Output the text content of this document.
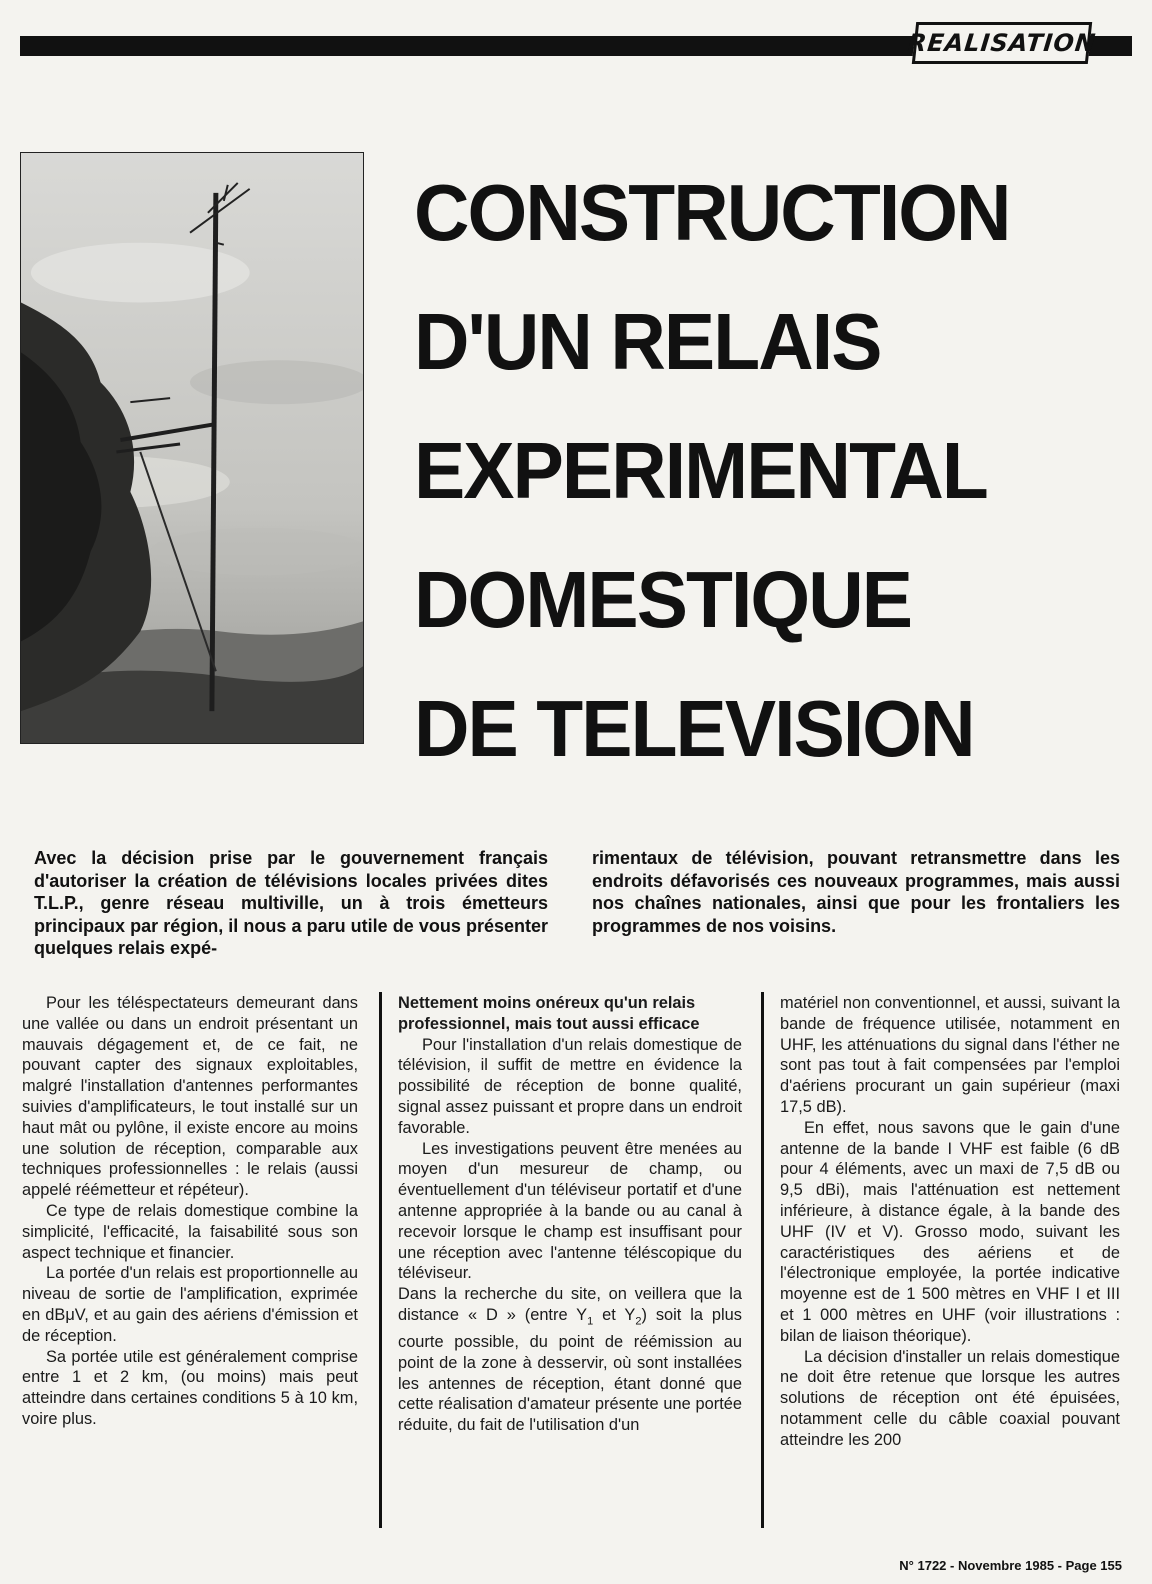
REALISATION
CONSTRUCTION
D'UN RELAIS
EXPERIMENTAL
DOMESTIQUE
DE TELEVISION
Avec la décision prise par le gouvernement français d'autoriser la création de télévisions locales privées dites T.L.P., genre réseau multiville, un à trois émetteurs principaux par région, il nous a paru utile de vous présenter quelques relais expé-
rimentaux de télévision, pouvant retransmettre dans les endroits défavorisés ces nouveaux programmes, mais aussi nos chaînes nationales, ainsi que pour les frontaliers les programmes de nos voisins.

Pour les téléspectateurs demeurant dans une vallée ou dans un endroit présentant un mauvais dégagement et, de ce fait, ne pouvant capter des signaux exploitables, malgré l'installation d'antennes performantes suivies d'amplificateurs, le tout installé sur un haut mât ou pylône, il existe encore au moins une solution de réception, comparable aux techniques professionnelles : le relais (aussi appelé réémetteur et répéteur).

Ce type de relais domestique combine la simplicité, l'efficacité, la faisabilité sous son aspect technique et financier.

La portée d'un relais est proportionnelle au niveau de sortie de l'amplification, exprimée en dBμV, et au gain des aériens d'émission et de réception.

Sa portée utile est généralement comprise entre 1 et 2 km, (ou moins) mais peut atteindre dans certaines conditions 5 à 10 km, voire plus.

Nettement moins onéreux qu'un relais professionnel, mais tout aussi efficace

Pour l'installation d'un relais domestique de télévision, il suffit de mettre en évidence la possibilité de réception de bonne qualité, signal assez puissant et propre dans un endroit favorable.

Les investigations peuvent être menées au moyen d'un mesureur de champ, ou éventuellement d'un téléviseur portatif et d'une antenne appropriée à la bande ou au canal à recevoir lorsque le champ est insuffisant pour une réception avec l'antenne téléscopique du téléviseur.

Dans la recherche du site, on veillera que la distance « D » (entre $Y_1$ et $Y_2$) soit la plus courte possible, du point de réémission au point de la zone à desservir, où sont installées les antennes de réception, étant donné que cette réalisation d'amateur présente une portée réduite, du fait de l'utilisation d'un

matériel non conventionnel, et aussi, suivant la bande de fréquence utilisée, notamment en UHF, les atténuations du signal dans l'éther ne sont pas tout à fait compensées par l'emploi d'aériens procurant un gain supérieur (maxi 17,5 dB).

En effet, nous savons que le gain d'une antenne de la bande I VHF est faible (6 dB pour 4 éléments, avec un maxi de 7,5 dB ou 9,5 dBi), mais l'atténuation est nettement inférieure, à distance égale, à la bande des UHF (IV et V). Grosso modo, suivant les caractéristiques des aériens et de l'électronique employée, la portée indicative moyenne est de 1 500 mètres en VHF I et III et 1 000 mètres en UHF (voir illustrations : bilan de liaison théorique).

La décision d'installer un relais domestique ne doit être retenue que lorsque les autres solutions de réception ont été épuisées, notamment celle du câble coaxial pouvant atteindre les 200

N° 1722 - Novembre 1985 - Page 155
